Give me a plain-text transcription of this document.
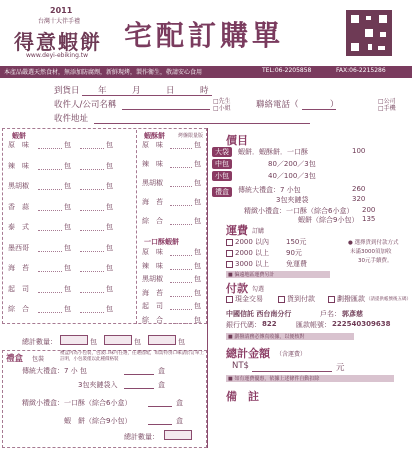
2011
台灣十大伴手禮
得意蝦餅
www.deyi-ebiking.tw
宅配訂購單
本產品嚴選天然食材，無添加防腐劑，新鮮現烤，製作衛生，敬請安心食用	TEL:06-2205858	FAX:06-2215286
到貨日 年	月	日	時
收件人/公司名稱	□先生
□小姐	聯絡電話（	）	□公司
□手機
收件地址
蝦餅
原　味	包	包
辣　味	包	包
黑胡椒	包	包
香　蒜	包	包
泰　式	包	包
墨西哥	包	包
海　苔	包	包
起　司	包	包
綜　合	包	包
蝦酥餅	烤盤限量版
原　味	包
辣　味	包
黑胡椒	包
海　苔	包
綜　合	包
一口酥蝦餅
原　味	包
辣　味	包
黑胡椒	包
海　苔	包
起　司	包
綜　合	包
總計數量：	包	包	包
禮盒 包裝
禮盒內為小包裝，包裝口味可任選，任選搭配，如需特別口味請於訂單上註明，小包裝僅以此種價格裝
傳統大禮盒：7 小 包	盒
3包夾鏈袋入	盒
精緻小禮盒：一口酥（綜合6小盒）	盒
蝦　餅（綜合9小包）	盒
總計數量：
價目
大袋	蝦餅．蝦酥餅．一口酥	100
中包	80／200／3包
小包	40／100／3包
禮盒	傳統大禮盒：7 小包	260
3包夾鏈袋	320
精緻小禮盒：一口酥（綜合6小盒） 200
蝦餅（綜合9小包） 135
運費 訂購
2000 以內 150元
2000 以上 90元
3000 以上 免運費
■ 偏遠地區運費另計
● 選擇貨到付款方式
未滿3000須加收
30元手續費。
付款 勾選
現金交易	貨到付款	劃撥匯款 （請提供帳號後五碼）
中國信託 西台南分行	戶名： 郭彥慈
銀行代碼： 822	匯款帳號： 222540309638
■ 劃撥請務必傳真收據，以便核對
總計金額 （含運費）
NT$	元
■ 如有運費優惠，依據上述條件自動扣除
備　註
